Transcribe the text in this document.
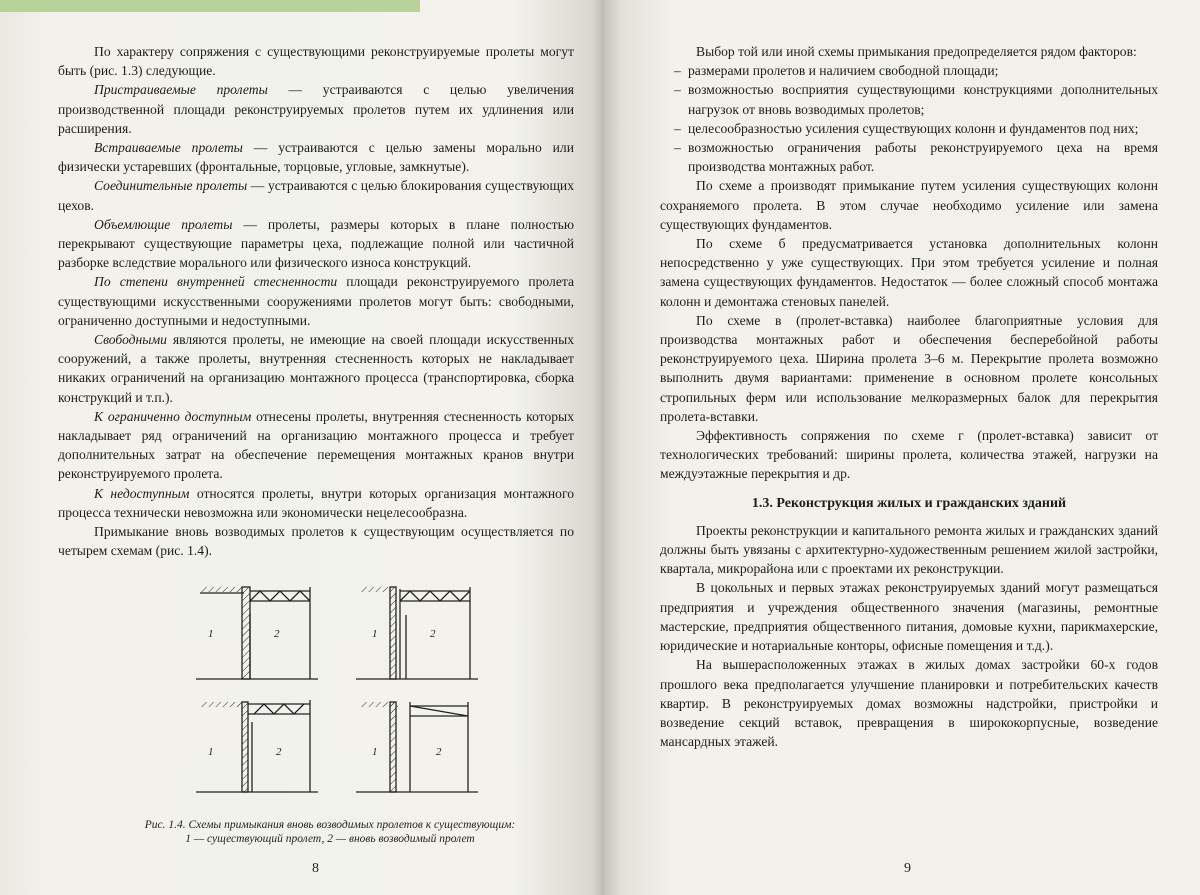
По характеру сопряжения с существующими реконструируемые пролеты могут быть (рис. 1.3) следующие.

Пристраиваемые пролеты — устраиваются с целью увеличения производственной площади реконструируемых пролетов путем их удлинения или расширения.

Встраиваемые пролеты — устраиваются с целью замены морально или физически устаревших (фронтальные, торцовые, угловые, замкнутые).

Соединительные пролеты — устраиваются с целью блокирования существующих цехов.

Объемлющие пролеты — пролеты, размеры которых в плане полностью перекрывают существующие параметры цеха, подлежащие полной или частичной разборке вследствие морального или физического износа конструкций.

По степени внутренней стесненности площади реконструируемого пролета существующими искусственными сооружениями пролетов могут быть: свободными, ограниченно доступными и недоступными.

Свободными являются пролеты, не имеющие на своей площади искусственных сооружений, а также пролеты, внутренняя стесненность которых не накладывает никаких ограничений на организацию монтажного процесса (транспортировка, сборка конструкций и т.п.).

К ограниченно доступным отнесены пролеты, внутренняя стесненность которых накладывает ряд ограничений на организацию монтажного процесса и требует дополнительных затрат на обеспечение перемещения монтажных кранов внутри реконструируемого пролета.

К недоступным относятся пролеты, внутри которых организация монтажного процесса технически невозможна или экономически нецелесообразна.

Примыкание вновь возводимых пролетов к существующим осуществляется по четырем схемам (рис. 1.4).

1	2	1	2
1	2	1	2
Рис. 1.4. Схемы примыкания вновь возводимых пролетов к существующим:
1 — существующий пролет, 2 — вновь возводимый пролет
8

Выбор той или иной схемы примыкания предопределяется рядом факторов:

– размерами пролетов и наличием свободной площади;

– возможностью восприятия существующими конструкциями дополнительных нагрузок от вновь возводимых пролетов;

– целесообразностью усиления существующих колонн и фундаментов под них;

– возможностью ограничения работы реконструируемого цеха на время производства монтажных работ.

По схеме а производят примыкание путем усиления существующих колонн сохраняемого пролета. В этом случае необходимо усиление или замена существующих фундаментов.

По схеме б предусматривается установка дополнительных колонн непосредственно у уже существующих. При этом требуется усиление и полная замена существующих фундаментов. Недостаток — более сложный способ монтажа колонн и демонтажа стеновых панелей.

По схеме в (пролет-вставка) наиболее благоприятные условия для производства монтажных работ и обеспечения бесперебойной работы реконструируемого цеха. Ширина пролета 3–6 м. Перекрытие пролета возможно выполнить двумя вариантами: применение в основном пролете консольных стропильных ферм или использование мелкоразмерных балок для перекрытия пролета-вставки.

Эффективность сопряжения по схеме г (пролет-вставка) зависит от технологических требований: ширины пролета, количества этажей, нагрузки на междуэтажные перекрытия и др.

1.3. Реконструкция жилых и гражданских зданий

Проекты реконструкции и капитального ремонта жилых и гражданских зданий должны быть увязаны с архитектурно-художественным решением жилой застройки, квартала, микрорайона или с проектами их реконструкции.

В цокольных и первых этажах реконструируемых зданий могут размещаться предприятия и учреждения общественного значения (магазины, ремонтные мастерские, предприятия общественного питания, домовые кухни, парикмахерские, юридические и нотариальные конторы, офисные помещения и т.д.).

На вышерасположенных этажах в жилых домах застройки 60-х годов прошлого века предполагается улучшение планировки и потребительских качеств квартир. В реконструируемых домах возможны надстройки, пристройки и возведение секций вставок, превращения в ширококорпусные, возведение мансардных этажей.

9
